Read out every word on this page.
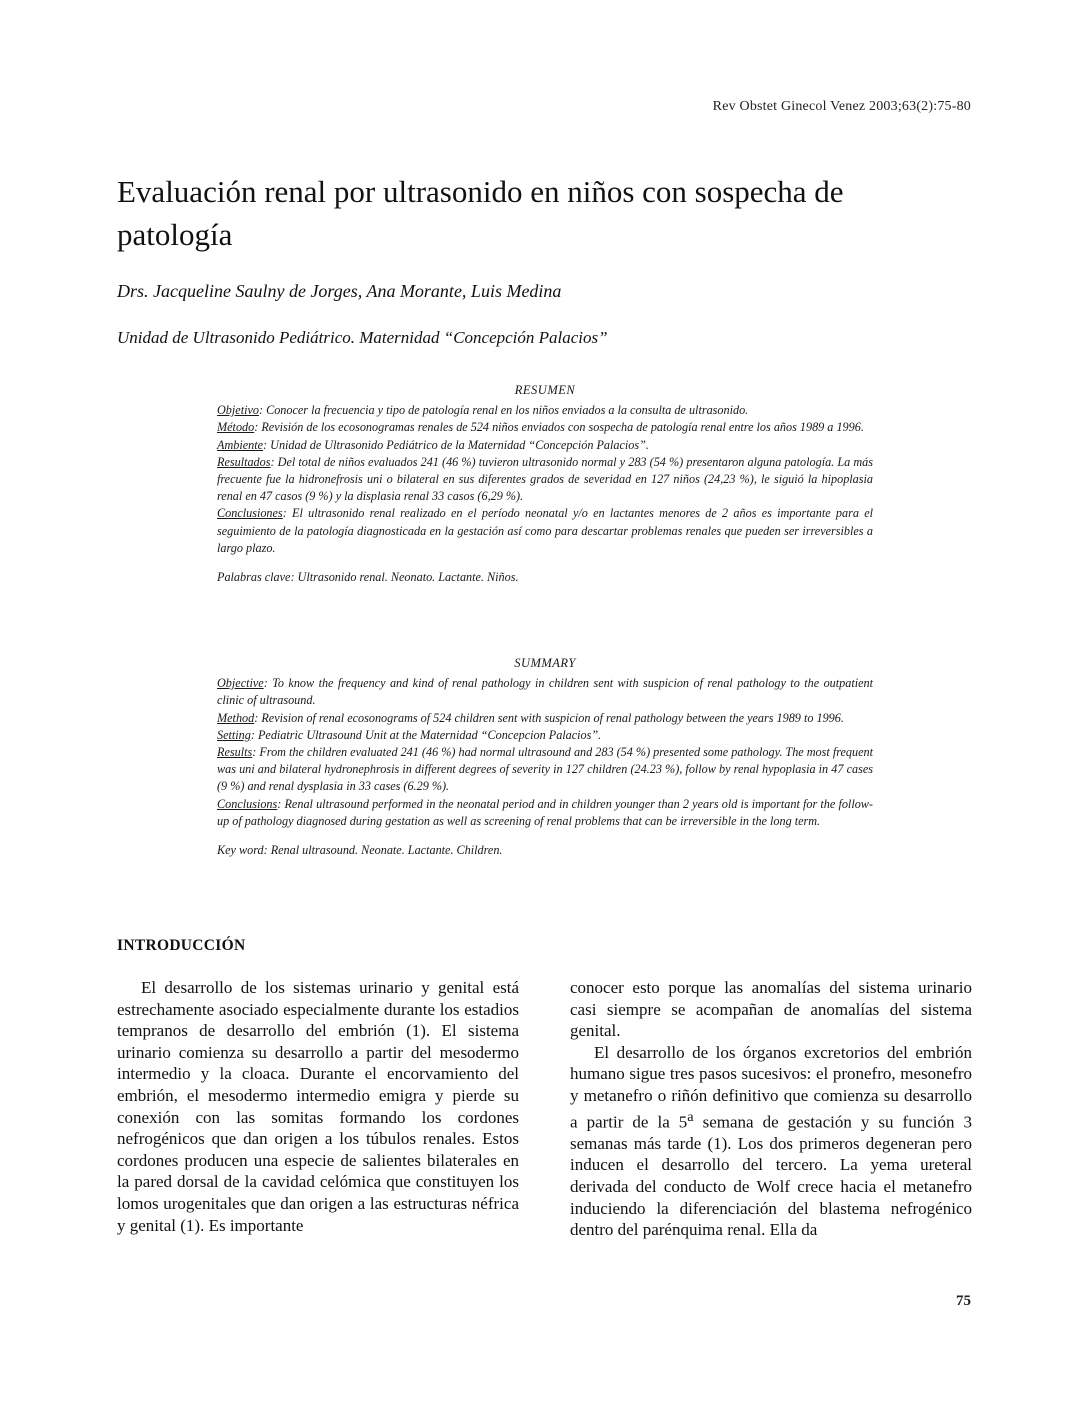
Rev Obstet Ginecol Venez 2003;63(2):75-80
Evaluación renal por ultrasonido en niños con sospecha de patología
Drs. Jacqueline Saulny de Jorges, Ana Morante, Luis Medina
Unidad de Ultrasonido Pediátrico. Maternidad “Concepción Palacios”
RESUMEN

Objetivo: Conocer la frecuencia y tipo de patología renal en los niños enviados a la consulta de ultrasonido.

Método: Revisión de los ecosonogramas renales de 524 niños enviados con sospecha de patología renal entre los años 1989 a 1996.

Ambiente: Unidad de Ultrasonido Pediátrico de la Maternidad “Concepción Palacios”.

Resultados: Del total de niños evaluados 241 (46 %) tuvieron ultrasonido normal y 283 (54 %) presentaron alguna patología. La más frecuente fue la hidronefrosis uni o bilateral en sus diferentes grados de severidad en 127 niños (24,23 %), le siguió la hipoplasia renal en 47 casos (9 %) y la displasia renal 33 casos (6,29 %).

Conclusiones: El ultrasonido renal realizado en el período neonatal y/o en lactantes menores de 2 años es importante para el seguimiento de la patología diagnosticada en la gestación así como para descartar problemas renales que pueden ser irreversibles a largo plazo.

Palabras clave: Ultrasonido renal. Neonato. Lactante. Niños.

SUMMARY

Objective: To know the frequency and kind of renal pathology in children sent with suspicion of renal pathology to the outpatient clinic of ultrasound.

Method: Revision of renal ecosonograms of 524 children sent with suspicion of renal pathology between the years 1989 to 1996.

Setting: Pediatric Ultrasound Unit at the Maternidad “Concepcion Palacios”.

Results: From the children evaluated 241 (46 %) had normal ultrasound and 283 (54 %) presented some pathology. The most frequent was uni and bilateral hydronephrosis in different degrees of severity in 127 children (24.23 %), follow by renal hypoplasia in 47 cases (9 %) and renal dysplasia in 33 cases (6.29 %).

Conclusions: Renal ultrasound performed in the neonatal period and in children younger than 2 years old is important for the follow-up of pathology diagnosed during gestation as well as screening of renal problems that can be irreversible in the long term.

Key word: Renal ultrasound. Neonate. Lactante. Children.

INTRODUCCIÓN

El desarrollo de los sistemas urinario y genital está estrechamente asociado especialmente durante los estadios tempranos de desarrollo del embrión (1). El sistema urinario comienza su desarrollo a partir del mesodermo intermedio y la cloaca. Durante el encorvamiento del embrión, el mesodermo intermedio emigra y pierde su conexión con las somitas formando los cordones nefrogénicos que dan origen a los túbulos renales. Estos cordones producen una especie de salientes bilaterales en la pared dorsal de la cavidad celómica que constituyen los lomos urogenitales que dan origen a las estructuras néfrica y genital (1). Es importante

conocer esto porque las anomalías del sistema urinario casi siempre se acompañan de anomalías del sistema genital.

El desarrollo de los órganos excretorios del embrión humano sigue tres pasos sucesivos: el pronefro, mesonefro y metanefro o riñón definitivo que comienza su desarrollo a partir de la 5$^a$ semana de gestación y su función 3 semanas más tarde (1). Los dos primeros degeneran pero inducen el desarrollo del tercero. La yema ureteral derivada del conducto de Wolf crece hacia el metanefro induciendo la diferenciación del blastema nefrogénico dentro del parénquima renal. Ella da

75
